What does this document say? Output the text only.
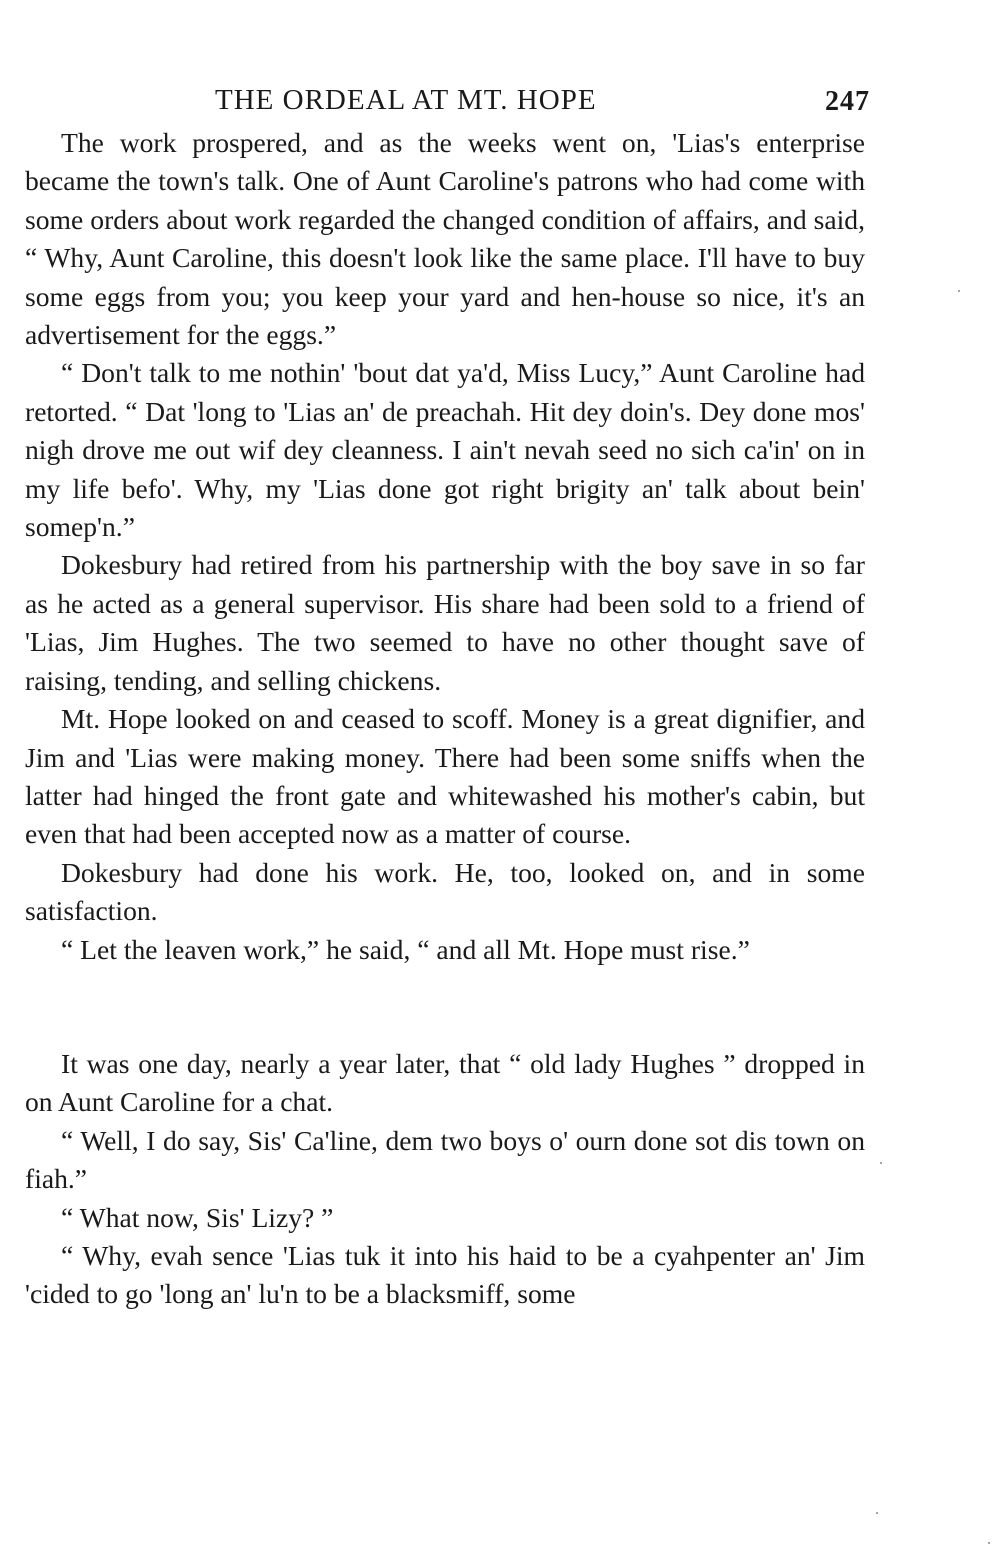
THE ORDEAL AT MT. HOPE	247

The work prospered, and as the weeks went on, 'Lias's enterprise became the town's talk. One of Aunt Caroline's patrons who had come with some orders about work regarded the changed condition of affairs, and said, “ Why, Aunt Caroline, this doesn't look like the same place. I'll have to buy some eggs from you; you keep your yard and hen-house so nice, it's an advertisement for the eggs.”

“ Don't talk to me nothin' 'bout dat ya'd, Miss Lucy,” Aunt Caroline had retorted. “ Dat 'long to 'Lias an' de preachah. Hit dey doin's. Dey done mos' nigh drove me out wif dey cleanness. I ain't nevah seed no sich ca'in' on in my life befo'. Why, my 'Lias done got right brigity an' talk about bein' somep'n.”

Dokesbury had retired from his partnership with the boy save in so far as he acted as a general supervisor. His share had been sold to a friend of 'Lias, Jim Hughes. The two seemed to have no other thought save of raising, tending, and selling chickens.

Mt. Hope looked on and ceased to scoff. Money is a great dignifier, and Jim and 'Lias were making money. There had been some sniffs when the latter had hinged the front gate and whitewashed his mother's cabin, but even that had been accepted now as a matter of course.

Dokesbury had done his work. He, too, looked on, and in some satisfaction.

“ Let the leaven work,” he said, “ and all Mt. Hope must rise.”

It was one day, nearly a year later, that “ old lady Hughes ” dropped in on Aunt Caroline for a chat.

“ Well, I do say, Sis' Ca'line, dem two boys o' ourn done sot dis town on fiah.”

“ What now, Sis' Lizy? ”

“ Why, evah sence 'Lias tuk it into his haid to be a cyahpenter an' Jim 'cided to go 'long an' lu'n to be a blacksmiff, some
